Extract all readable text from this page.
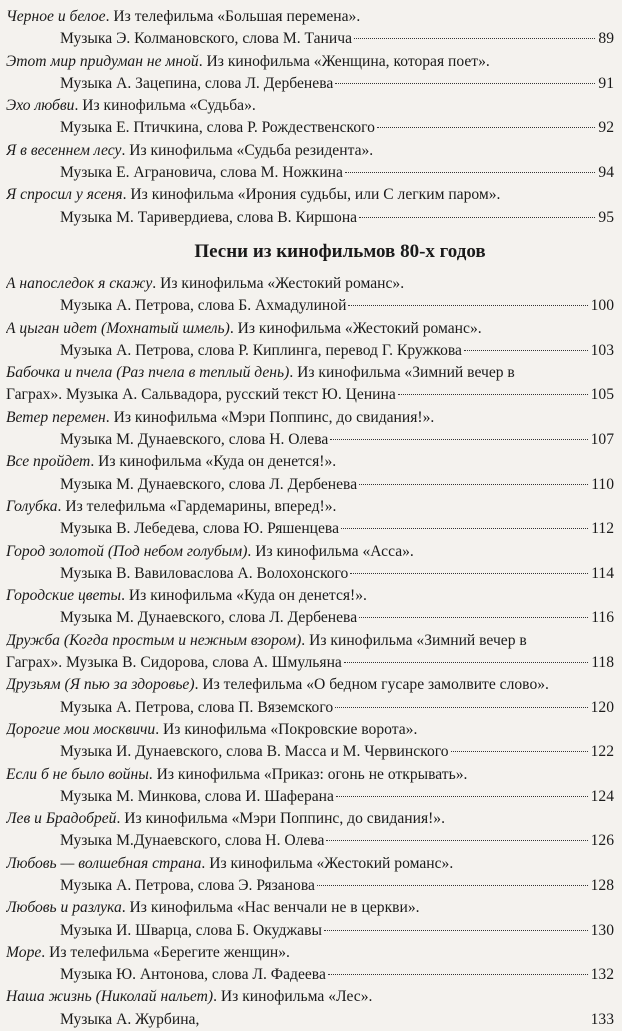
Черное и белое. Из телефильма «Большая перемена».
Музыка Э. Колмановского, слова М. Танича	89
Этот мир придуман не мной. Из кинофильма «Женщина, которая поет».
Музыка А. Зацепина, слова Л. Дербенева	91
Эхо любви. Из кинофильма «Судьба».
Музыка Е. Птичкина, слова Р. Рождественского	92
Я в весеннем лесу. Из кинофильма «Судьба резидента».
Музыка Е. Аграновича, слова М. Ножкина	94
Я спросил у ясеня. Из кинофильма «Ирония судьбы, или С легким паром».
Музыка М. Таривердиева, слова В. Киршона	95
Песни из кинофильмов 80-х годов
А напоследок я скажу. Из кинофильма «Жестокий романс».
Музыка А. Петрова, слова Б. Ахмадулиной	100
А цыган идет (Мохнатый шмель). Из кинофильма «Жестокий романс».
Музыка А. Петрова, слова Р. Киплинга, перевод Г. Кружкова	103
Бабочка и пчела (Раз пчела в теплый день). Из кинофильма «Зимний вечер в
Гаграх». Музыка А. Сальвадора, русский текст Ю. Ценина	105
Ветер перемен. Из кинофильма «Мэри Поппинс, до свидания!».
Музыка М. Дунаевского, слова Н. Олева	107
Все пройдет. Из кинофильма «Куда он денется!».
Музыка М. Дунаевского, слова Л. Дербенева	110
Голубка. Из телефильма «Гардемарины, вперед!».
Музыка В. Лебедева, слова Ю. Ряшенцева	112
Город золотой (Под небом голубым). Из кинофильма «Асса».
Музыка В. Вавиловаслова А. Волохонского	114
Городские цветы. Из кинофильма «Куда он денется!».
Музыка М. Дунаевского, слова Л. Дербенева	116
Дружба (Когда простым и нежным взором). Из кинофильма «Зимний вечер в
Гаграх». Музыка В. Сидорова, слова А. Шмульяна	118
Друзьям (Я пью за здоровье). Из телефильма «О бедном гусаре замолвите слово».
Музыка А. Петрова, слова П. Вяземского	120
Дорогие мои москвичи. Из кинофильма «Покровские ворота».
Музыка И. Дунаевского, слова В. Масса и М. Червинского	122
Если б не было войны. Из кинофильма «Приказ: огонь не открывать».
Музыка М. Минкова, слова И. Шаферана	124
Лев и Брадобрей. Из кинофильма «Мэри Поппинс, до свидания!».
Музыка М.Дунаевского, слова Н. Олева	126
Любовь — волшебная страна. Из кинофильма «Жестокий романс».
Музыка А. Петрова, слова Э. Рязанова	128
Любовь и разлука. Из кинофильма «Нас венчали не в церкви».
Музыка И. Шварца, слова Б. Окуджавы	130
Море. Из телефильма «Берегите женщин».
Музыка Ю. Антонова, слова Л. Фадеева	132
Наша жизнь (Николай нальет). Из кинофильма «Лес».
Музыка А. Журбина,	133
